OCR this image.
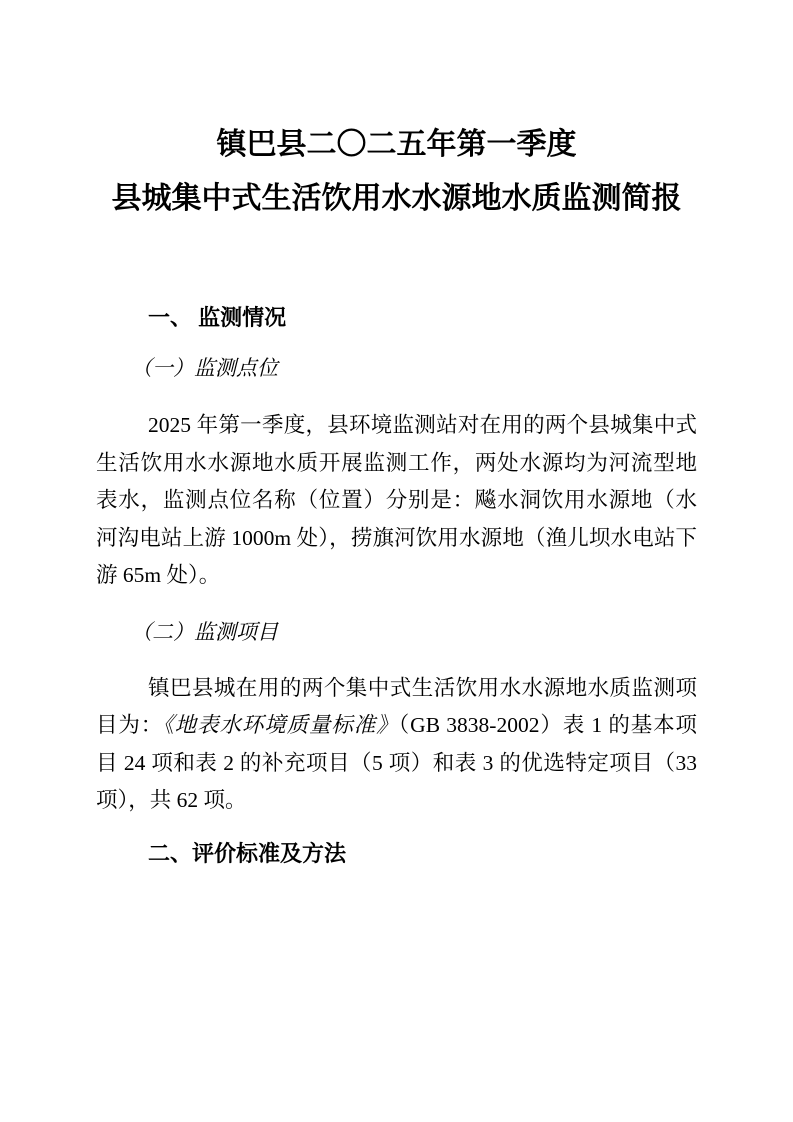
镇巴县二〇二五年第一季度
县城集中式生活饮用水水源地水质监测简报
一、 监测情况
（一）监测点位

2025 年第一季度，县环境监测站对在用的两个县城集中式生活饮用水水源地水质开展监测工作，两处水源均为河流型地表水，监测点位名称（位置）分别是：飚水洞饮用水源地（水河沟电站上游 1000m 处），捞旗河饮用水源地（渔儿坝水电站下游 65m 处）。

（二）监测项目

镇巴县城在用的两个集中式生活饮用水水源地水质监测项目为：《地表水环境质量标准》（GB 3838-2002）表 1 的基本项目 24 项和表 2 的补充项目（5 项）和表 3 的优选特定项目（33 项），共 62 项。

二、评价标准及方法
